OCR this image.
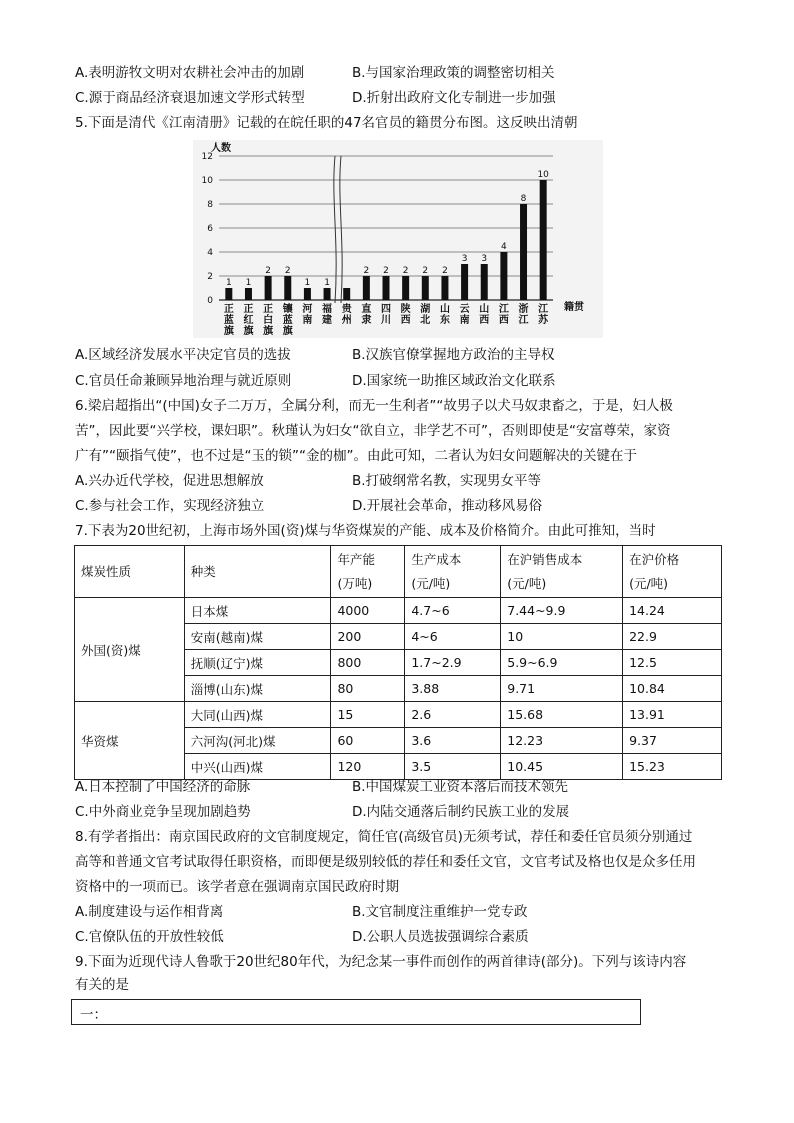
A.表明游牧文明对农耕社会冲击的加剧	B.与国家治理政策的调整密切相关
C.源于商品经济衰退加速文学形式转型	D.折射出政府文化专制进一步加强
5.下面是清代《江南清册》记载的在皖任职的47名官员的籍贯分布图。这反映出清朝
人数
籍贯
0
2
4
6
8
10
12
1 1
2 2
1 1
2 2 2 2 2
3 3
4
8
10
正蓝旗
正红旗
正白旗
镶蓝旗
河南
福建
贵州
直隶
四川
陕西
湖北
山东
云南
山西
江西
浙江
江苏
A.区域经济发展水平决定官员的选拔	B.汉族官僚掌握地方政治的主导权
C.官员任命兼顾异地治理与就近原则	D.国家统一助推区域政治文化联系
6.梁启超指出“(中国)女子二万万，全属分利，而无一生利者”“故男子以犬马奴隶畜之，于是，妇人极
苦”，因此要“兴学校，课妇职”。秋瑾认为妇女“欲自立，非学艺不可”，否则即使是“安富尊荣，家资
广有”“颐指气使”，也不过是“玉的锁”“金的枷”。由此可知，二者认为妇女问题解决的关键在于
A.兴办近代学校，促进思想解放	B.打破纲常名教，实现男女平等
C.参与社会工作，实现经济独立	D.开展社会革命，推动移风易俗
7.下表为20世纪初，上海市场外国(资)煤与华资煤炭的产能、成本及价格简介。由此可推知，当时
煤炭性质	种类	年产能
(万吨)	生产成本
(元/吨)	在沪销售成本
(元/吨)	在沪价格
(元/吨)
外国(资)煤	日本煤	4000	4.7~6	7.44~9.9	14.24
	安南(越南)煤	200	4~6	10	22.9
	抚顺(辽宁)煤	800	1.7~2.9	5.9~6.9	12.5
	淄博(山东)煤	80	3.88	9.71	10.84
华资煤	大同(山西)煤	15	2.6	15.68	13.91
	六河沟(河北)煤	60	3.6	12.23	9.37
	中兴(山西)煤	120	3.5	10.45	15.23
A.日本控制了中国经济的命脉	B.中国煤炭工业资本落后而技术领先
C.中外商业竞争呈现加剧趋势	D.内陆交通落后制约民族工业的发展
8.有学者指出：南京国民政府的文官制度规定，简任官(高级官员)无须考试，荐任和委任官员须分别通过
高等和普通文官考试取得任职资格，而即便是级别较低的荐任和委任文官，文官考试及格也仅是众多任用
资格中的一项而已。该学者意在强调南京国民政府时期
A.制度建设与运作相背离	B.文官制度注重维护一党专政
C.官僚队伍的开放性较低	D.公职人员选拔强调综合素质
9.下面为近现代诗人鲁歌于20世纪80年代，为纪念某一事件而创作的两首律诗(部分)。下列与该诗内容
有关的是
一：
